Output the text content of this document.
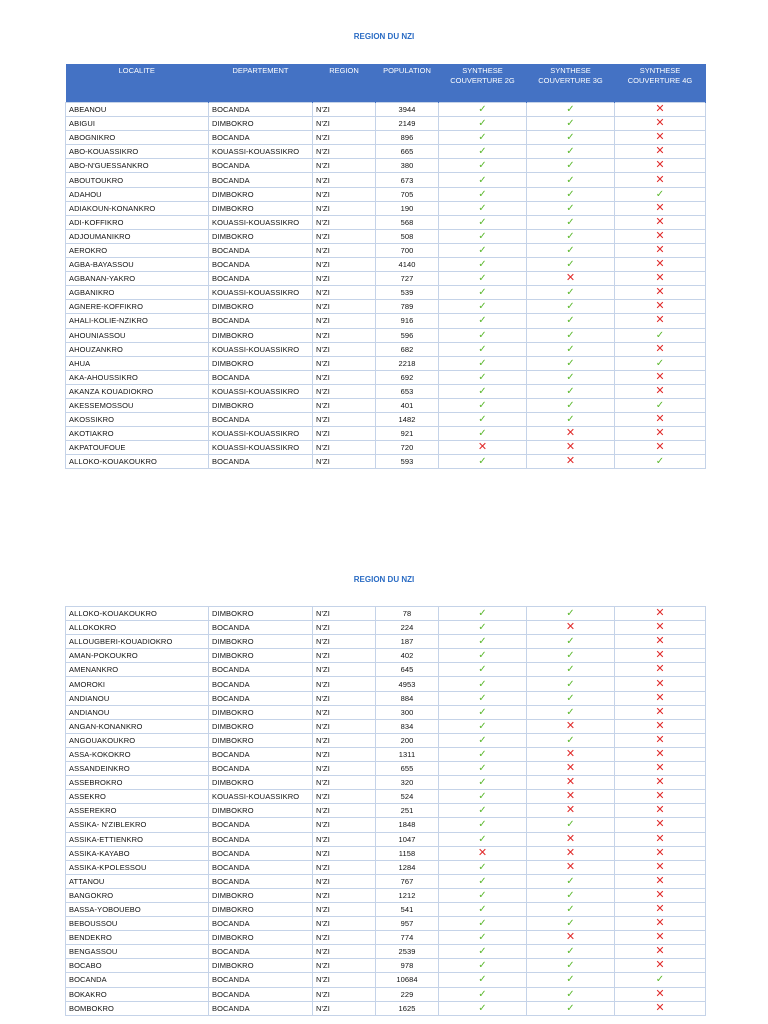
REGION DU NZI
LOCALITE	DEPARTEMENT	REGION	POPULATION	SYNTHESE COUVERTURE 2G	SYNTHESE COUVERTURE 3G	SYNTHESE COUVERTURE 4G
ABEANOU	BOCANDA	N'ZI	3944	✓	✓	✕
ABIGUI	DIMBOKRO	N'ZI	2149	✓	✓	✕
ABOGNIKRO	BOCANDA	N'ZI	896	✓	✓	✕
ABO-KOUASSIKRO	KOUASSI-KOUASSIKRO	N'ZI	665	✓	✓	✕
ABO-N'GUESSANKRO	BOCANDA	N'ZI	380	✓	✓	✕
ABOUTOUKRO	BOCANDA	N'ZI	673	✓	✓	✕
ADAHOU	DIMBOKRO	N'ZI	705	✓	✓	✓
ADIAKOUN-KONANKRO	DIMBOKRO	N'ZI	190	✓	✓	✕
ADI-KOFFIKRO	KOUASSI-KOUASSIKRO	N'ZI	568	✓	✓	✕
ADJOUMANIKRO	DIMBOKRO	N'ZI	508	✓	✓	✕
AEROKRO	BOCANDA	N'ZI	700	✓	✓	✕
AGBA-BAYASSOU	BOCANDA	N'ZI	4140	✓	✓	✕
AGBANAN-YAKRO	BOCANDA	N'ZI	727	✓	✕	✕
AGBANIKRO	KOUASSI-KOUASSIKRO	N'ZI	539	✓	✓	✕
AGNERE-KOFFIKRO	DIMBOKRO	N'ZI	789	✓	✓	✕
AHALI-KOLIE-NZIKRO	BOCANDA	N'ZI	916	✓	✓	✕
AHOUNIASSOU	DIMBOKRO	N'ZI	596	✓	✓	✓
AHOUZANKRO	KOUASSI-KOUASSIKRO	N'ZI	682	✓	✓	✕
AHUA	DIMBOKRO	N'ZI	2218	✓	✓	✓
AKA-AHOUSSIKRO	BOCANDA	N'ZI	692	✓	✓	✕
AKANZA KOUADIOKRO	KOUASSI-KOUASSIKRO	N'ZI	653	✓	✓	✕
AKESSEMOSSOU	DIMBOKRO	N'ZI	401	✓	✓	✓
AKOSSIKRO	BOCANDA	N'ZI	1482	✓	✓	✕
AKOTIAKRO	KOUASSI-KOUASSIKRO	N'ZI	921	✓	✕	✕
AKPATOUFOUE	KOUASSI-KOUASSIKRO	N'ZI	720	✕	✕	✕
ALLOKO-KOUAKOUKRO	BOCANDA	N'ZI	593	✓	✕	✓
REGION DU NZI
ALLOKO-KOUAKOUKRO	DIMBOKRO	N'ZI	78	✓	✓	✕
ALLOKOKRO	BOCANDA	N'ZI	224	✓	✕	✕
ALLOUGBERI-KOUADIOKRO	DIMBOKRO	N'ZI	187	✓	✓	✕
AMAN-POKOUKRO	DIMBOKRO	N'ZI	402	✓	✓	✕
AMENANKRO	BOCANDA	N'ZI	645	✓	✓	✕
AMOROKI	BOCANDA	N'ZI	4953	✓	✓	✕
ANDIANOU	BOCANDA	N'ZI	884	✓	✓	✕
ANDIANOU	DIMBOKRO	N'ZI	300	✓	✓	✕
ANGAN-KONANKRO	DIMBOKRO	N'ZI	834	✓	✕	✕
ANGOUAKOUKRO	DIMBOKRO	N'ZI	200	✓	✓	✕
ASSA-KOKOKRO	BOCANDA	N'ZI	1311	✓	✕	✕
ASSANDEINKRO	BOCANDA	N'ZI	655	✓	✕	✕
ASSEBROKRO	DIMBOKRO	N'ZI	320	✓	✕	✕
ASSEKRO	KOUASSI-KOUASSIKRO	N'ZI	524	✓	✕	✕
ASSEREKRO	DIMBOKRO	N'ZI	251	✓	✕	✕
ASSIKA- N'ZIBLEKRO	BOCANDA	N'ZI	1848	✓	✓	✕
ASSIKA-ETTIENKRO	BOCANDA	N'ZI	1047	✓	✕	✕
ASSIKA-KAYABO	BOCANDA	N'ZI	1158	✕	✕	✕
ASSIKA-KPOLESSOU	BOCANDA	N'ZI	1284	✓	✕	✕
ATTANOU	BOCANDA	N'ZI	767	✓	✓	✕
BANGOKRO	DIMBOKRO	N'ZI	1212	✓	✓	✕
BASSA-YOBOUEBO	DIMBOKRO	N'ZI	541	✓	✓	✕
BEBOUSSOU	BOCANDA	N'ZI	957	✓	✓	✕
BENDEKRO	DIMBOKRO	N'ZI	774	✓	✕	✕
BENGASSOU	BOCANDA	N'ZI	2539	✓	✓	✕
BOCABO	DIMBOKRO	N'ZI	978	✓	✓	✕
BOCANDA	BOCANDA	N'ZI	10684	✓	✓	✓
BOKAKRO	BOCANDA	N'ZI	229	✓	✓	✕
BOMBOKRO	BOCANDA	N'ZI	1625	✓	✓	✕
